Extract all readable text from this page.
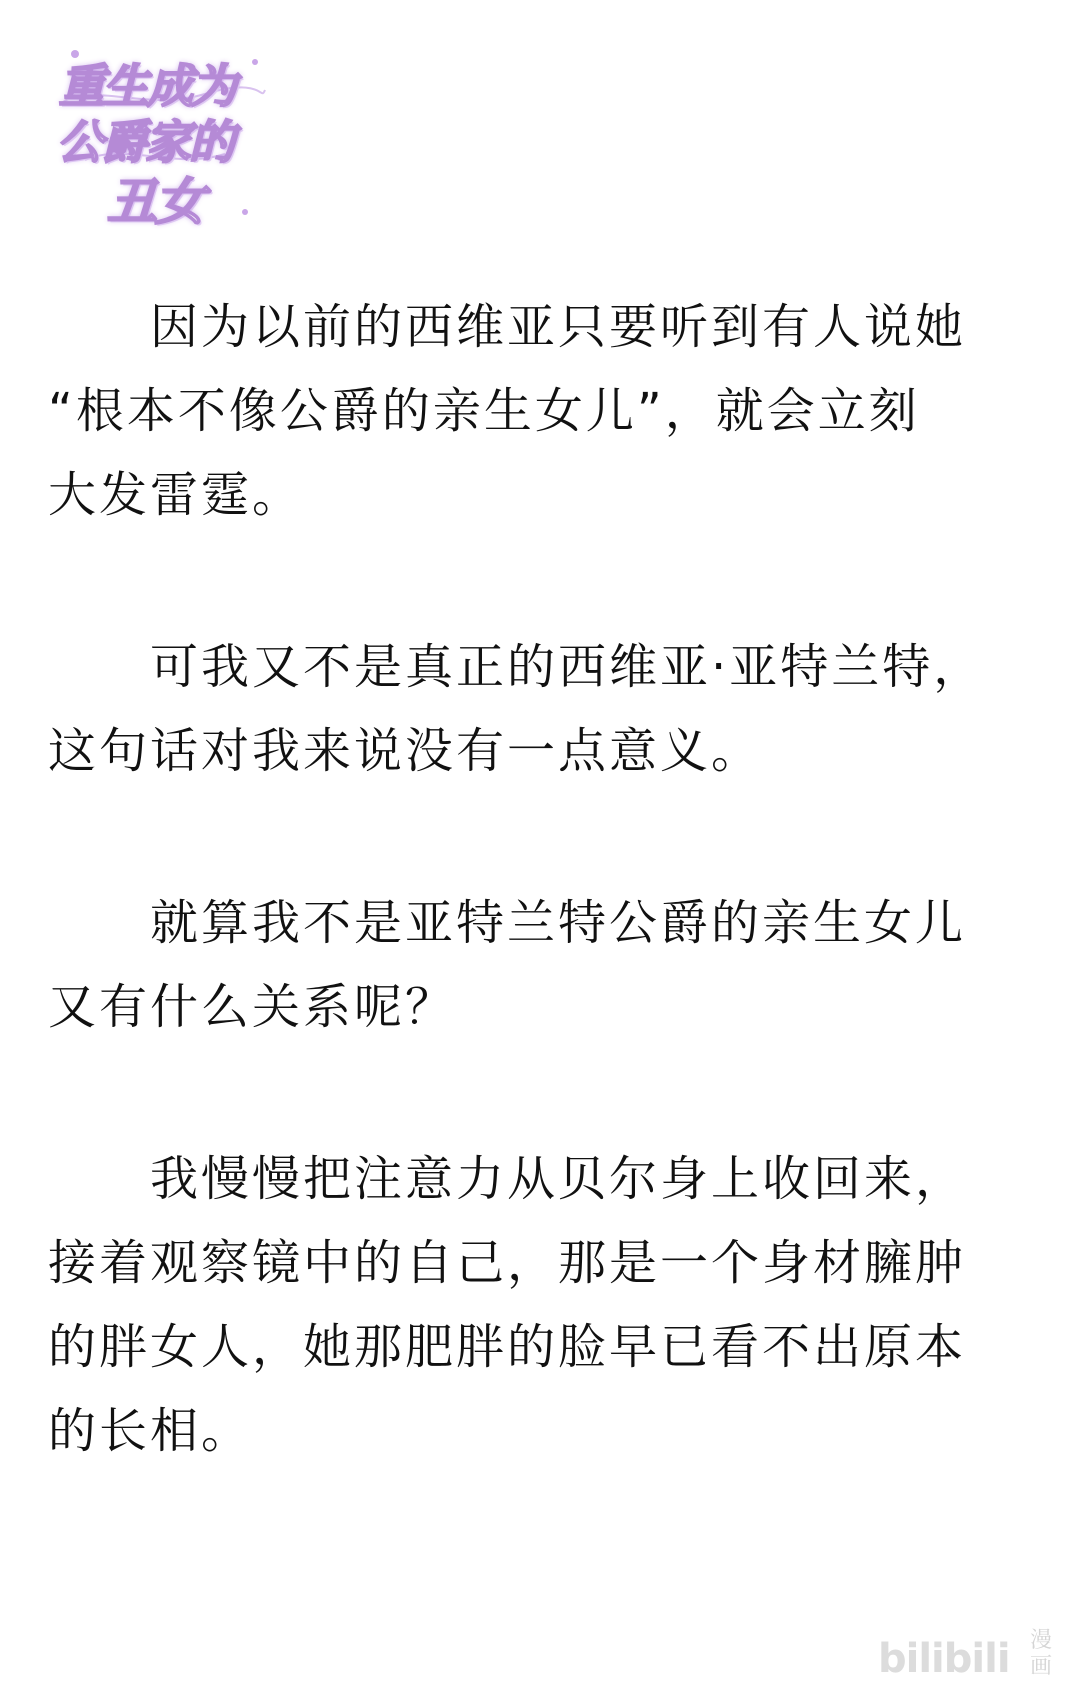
重生成为
公爵家的
丑女
　　因为以前的西维亚只要听到有人说她
“根本不像公爵的亲生女儿”，就会立刻
大发雷霆。
　　可我又不是真正的西维亚·亚特兰特，
这句话对我来说没有一点意义。
　　就算我不是亚特兰特公爵的亲生女儿
又有什么关系呢？
　　我慢慢把注意力从贝尔身上收回来，
接着观察镜中的自己，那是一个身材臃肿
的胖女人，她那肥胖的脸早已看不出原本
的长相。
bilibili 漫画
